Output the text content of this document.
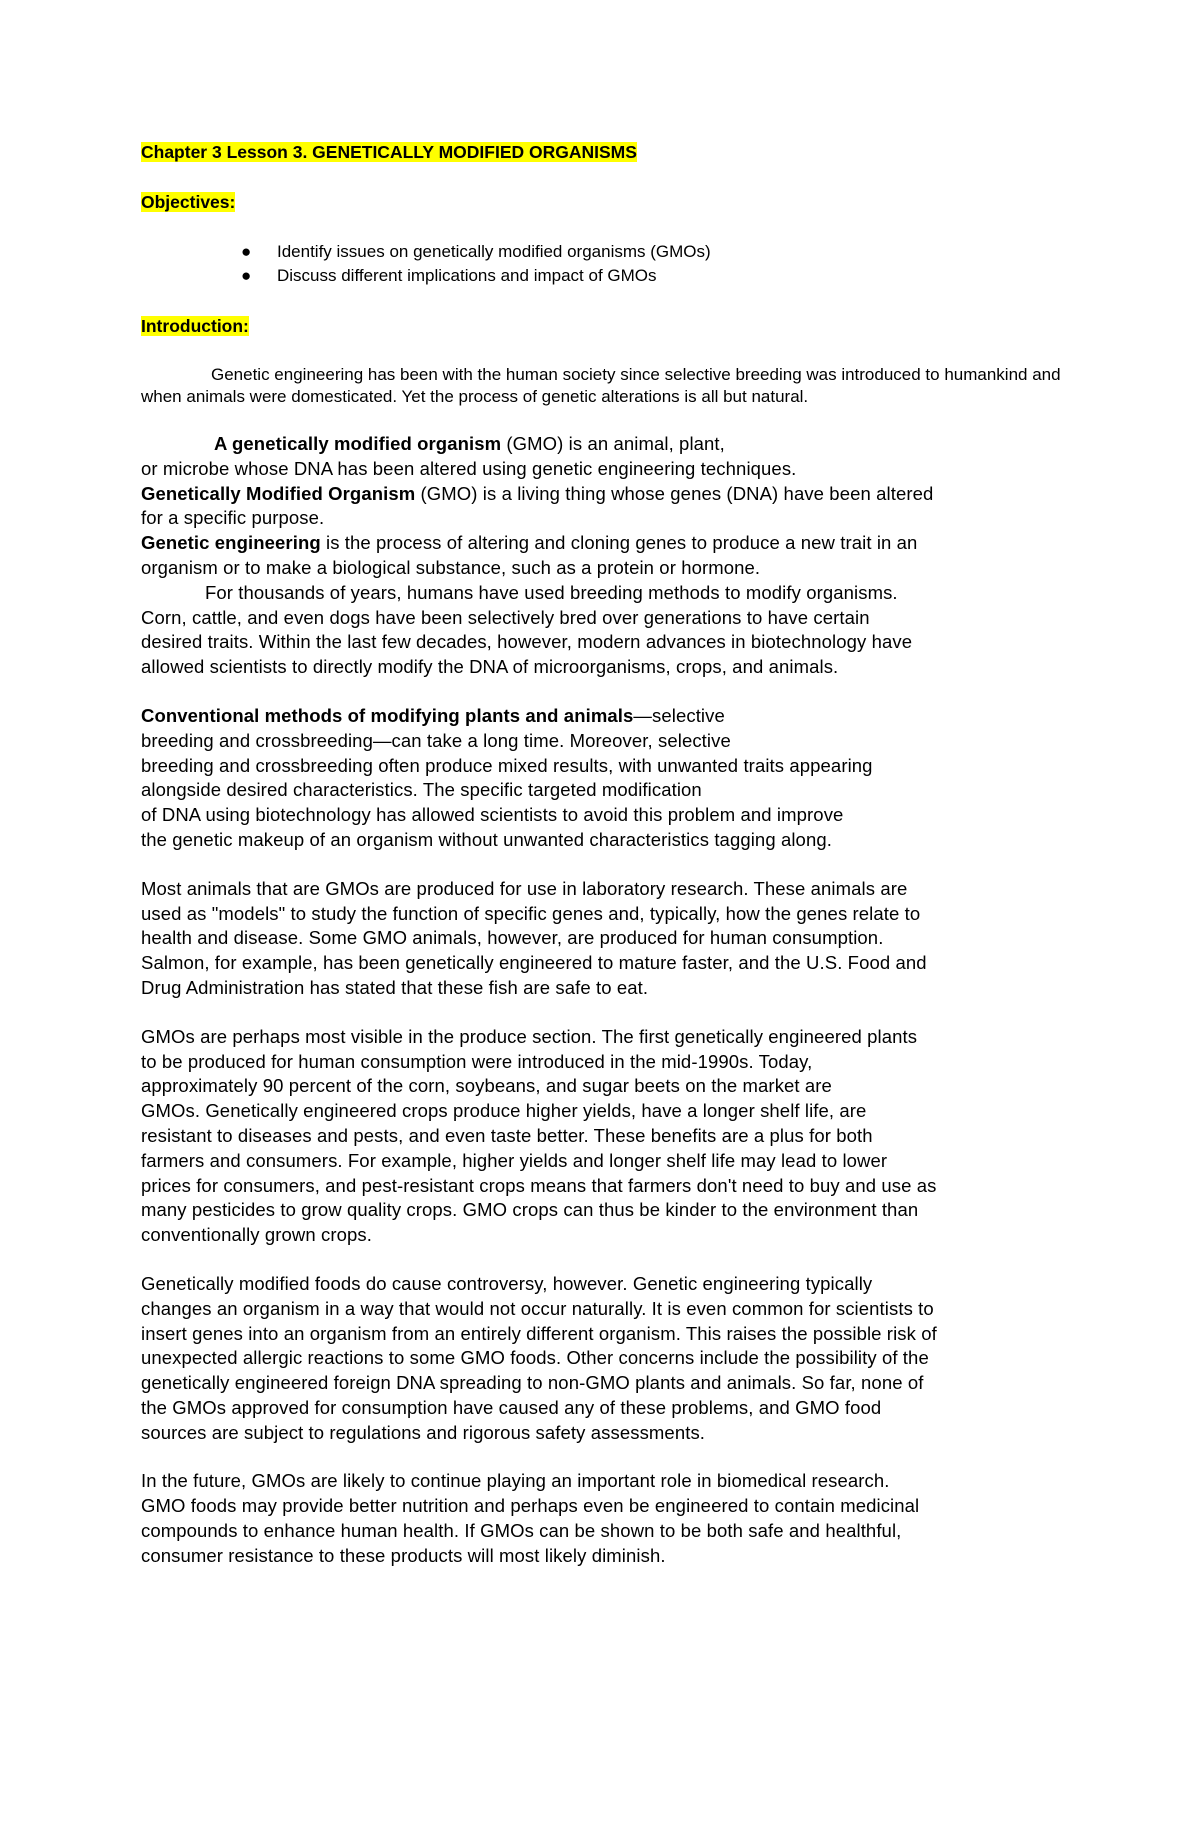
Chapter 3 Lesson 3. GENETICALLY MODIFIED ORGANISMS

Objectives:

● Identify issues on genetically modified organisms (GMOs)
● Discuss different implications and impact of GMOs

Introduction:

Genetic engineering has been with the human society since selective breeding was introduced to humankind and when animals were domesticated. Yet the process of genetic alterations is all but natural.

A genetically modified organism (GMO) is an animal, plant,
or microbe whose DNA has been altered using genetic engineering techniques.
Genetically Modified Organism (GMO) is a living thing whose genes (DNA) have been altered
for a specific purpose.
Genetic engineering is the process of altering and cloning genes to produce a new trait in an
organism or to make a biological substance, such as a protein or hormone.
For thousands of years, humans have used breeding methods to modify organisms.
Corn, cattle, and even dogs have been selectively bred over generations to have certain
desired traits. Within the last few decades, however, modern advances in biotechnology have
allowed scientists to directly modify the DNA of microorganisms, crops, and animals.
Conventional methods of modifying plants and animals—selective
breeding and crossbreeding—can take a long time. Moreover, selective
breeding and crossbreeding often produce mixed results, with unwanted traits appearing
alongside desired characteristics. The specific targeted modification
of DNA using biotechnology has allowed scientists to avoid this problem and improve
the genetic makeup of an organism without unwanted characteristics tagging along.
Most animals that are GMOs are produced for use in laboratory research. These animals are
used as "models" to study the function of specific genes and, typically, how the genes relate to
health and disease. Some GMO animals, however, are produced for human consumption.
Salmon, for example, has been genetically engineered to mature faster, and the U.S. Food and
Drug Administration has stated that these fish are safe to eat.
GMOs are perhaps most visible in the produce section. The first genetically engineered plants
to be produced for human consumption were introduced in the mid-1990s. Today,
approximately 90 percent of the corn, soybeans, and sugar beets on the market are
GMOs. Genetically engineered crops produce higher yields, have a longer shelf life, are
resistant to diseases and pests, and even taste better. These benefits are a plus for both
farmers and consumers. For example, higher yields and longer shelf life may lead to lower
prices for consumers, and pest-resistant crops means that farmers don't need to buy and use as
many pesticides to grow quality crops. GMO crops can thus be kinder to the environment than
conventionally grown crops.
Genetically modified foods do cause controversy, however. Genetic engineering typically
changes an organism in a way that would not occur naturally. It is even common for scientists to
insert genes into an organism from an entirely different organism. This raises the possible risk of
unexpected allergic reactions to some GMO foods. Other concerns include the possibility of the
genetically engineered foreign DNA spreading to non-GMO plants and animals. So far, none of
the GMOs approved for consumption have caused any of these problems, and GMO food
sources are subject to regulations and rigorous safety assessments.
In the future, GMOs are likely to continue playing an important role in biomedical research.
GMO foods may provide better nutrition and perhaps even be engineered to contain medicinal
compounds to enhance human health. If GMOs can be shown to be both safe and healthful,
consumer resistance to these products will most likely diminish.
